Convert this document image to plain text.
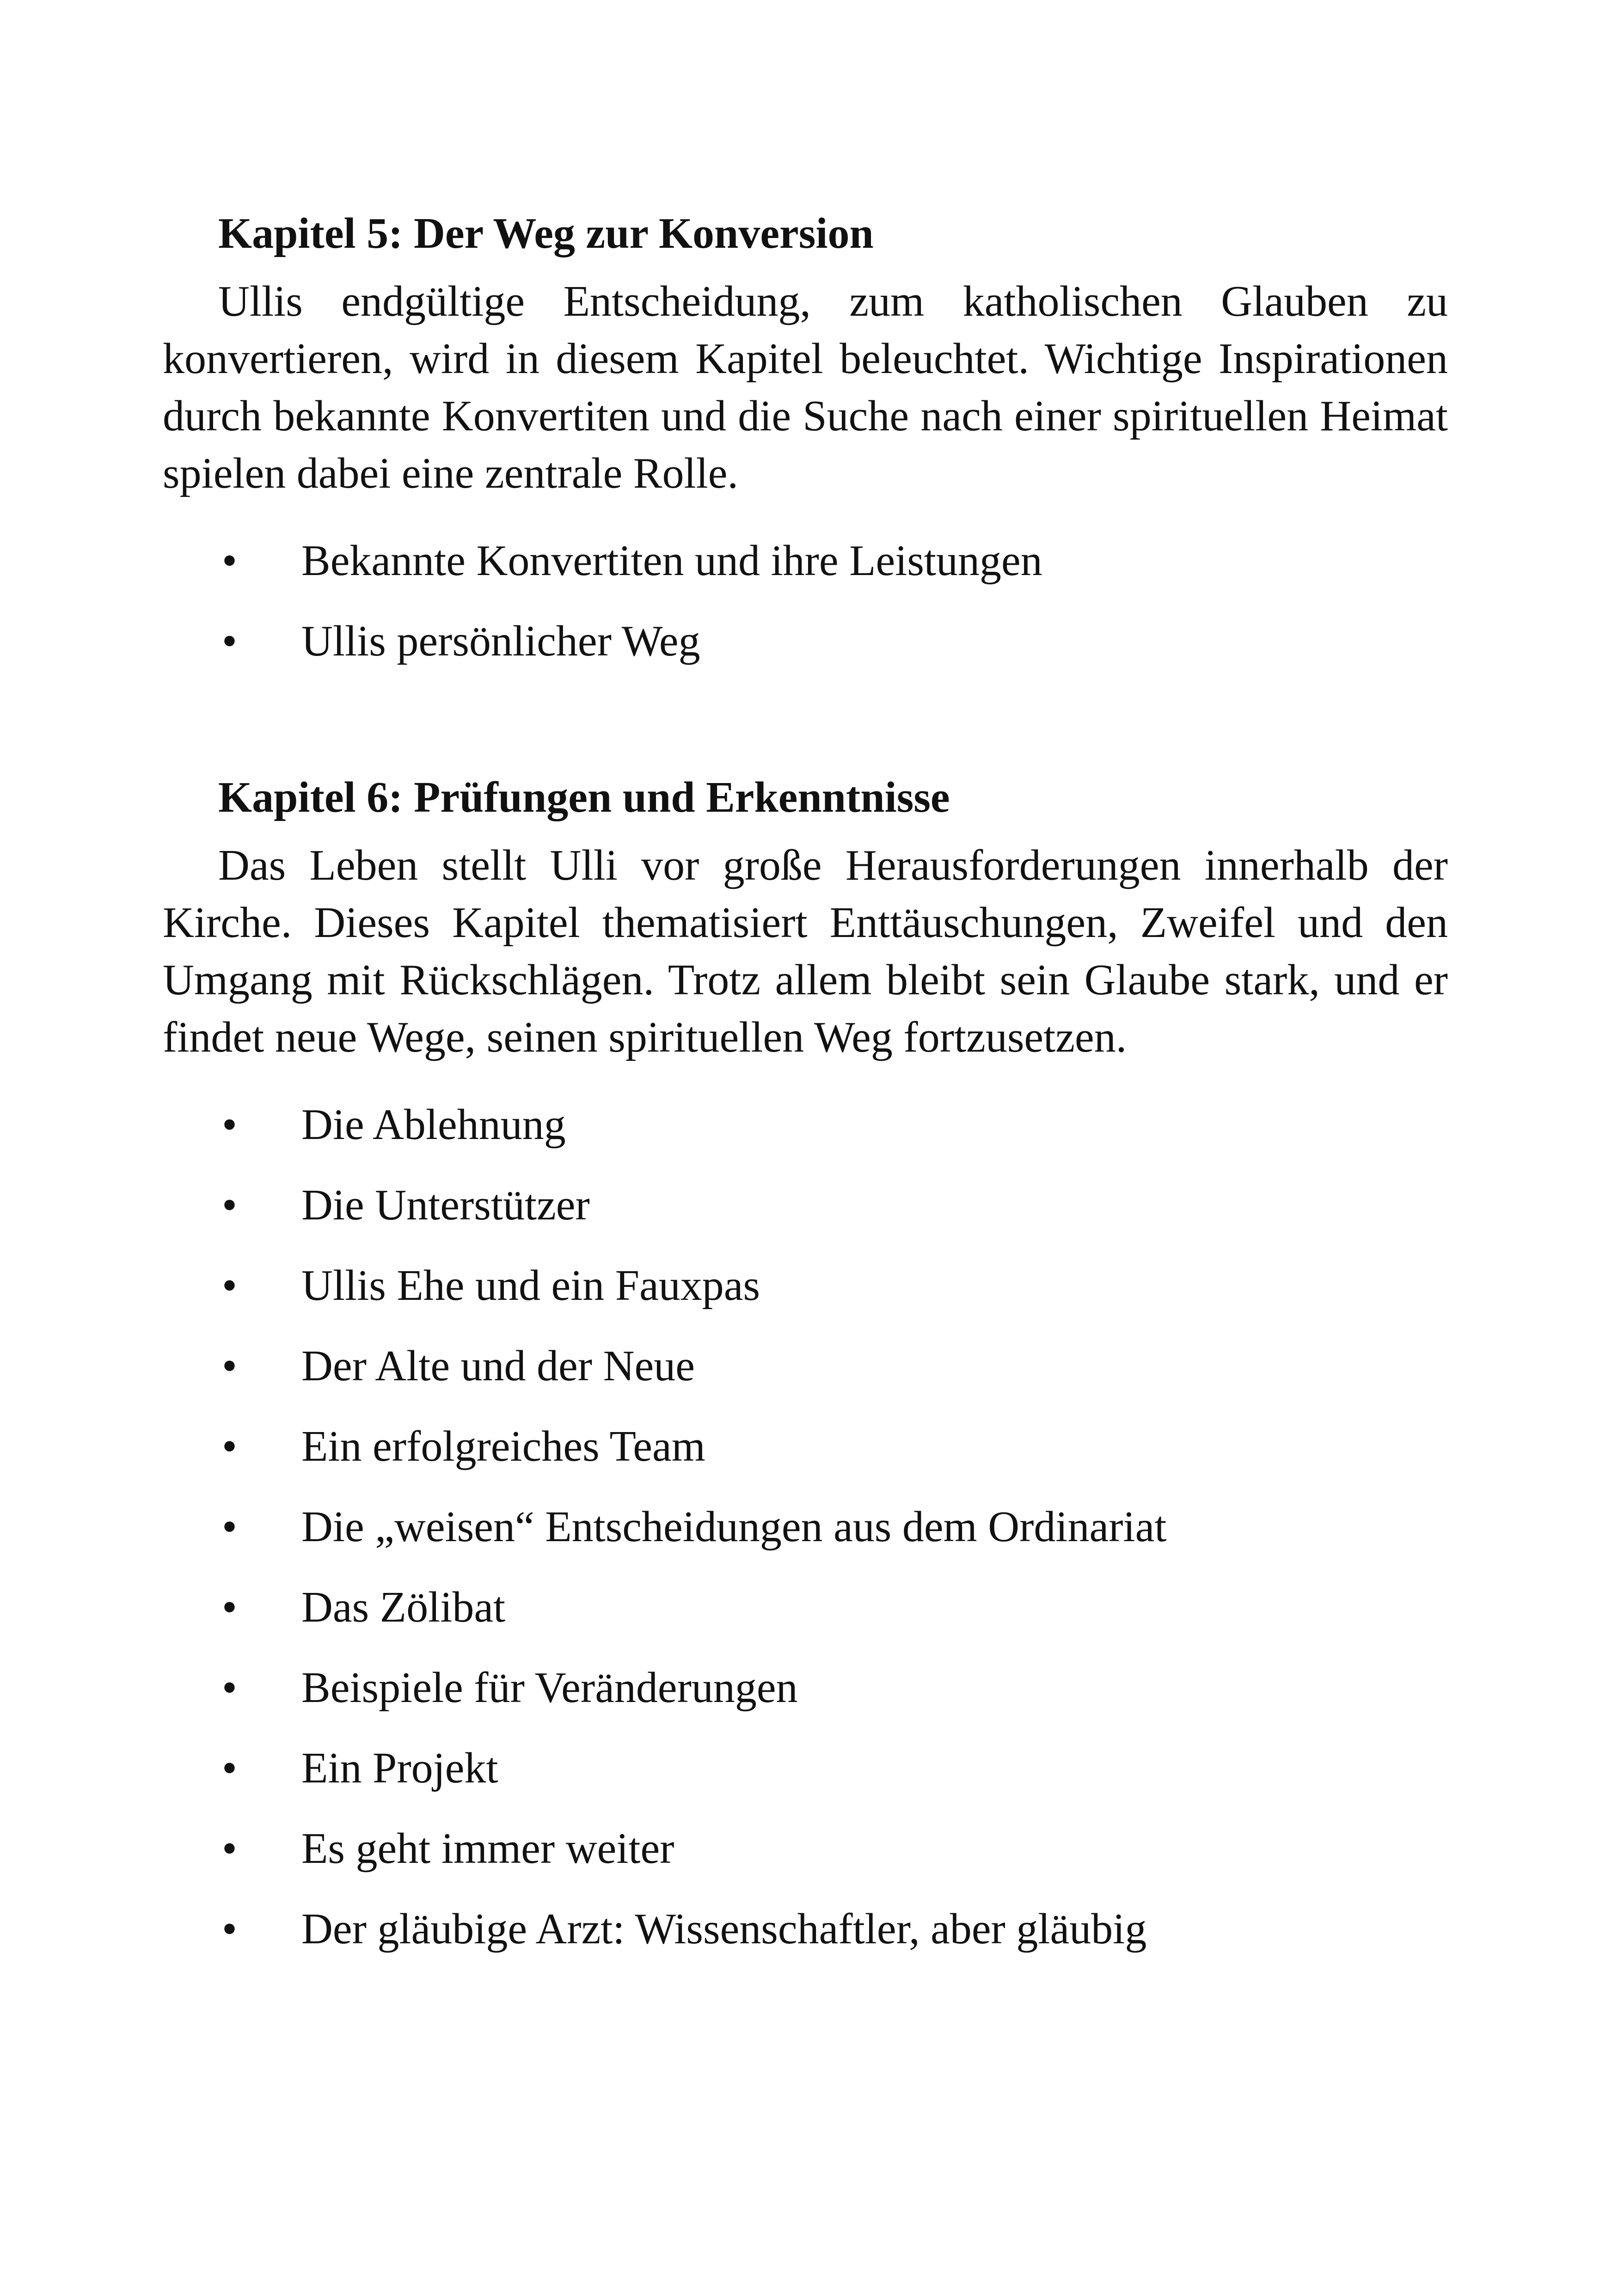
Kapitel 5: Der Weg zur Konversion

Ullis endgültige Entscheidung, zum katholischen Glauben zu konvertieren, wird in diesem Kapitel beleuchtet. Wichtige Inspirationen durch bekannte Konvertiten und die Suche nach einer spirituellen Heimat spielen dabei eine zentrale Rolle.

• Bekannte Konvertiten und ihre Leistungen
• Ullis persönlicher Weg
Kapitel 6: Prüfungen und Erkenntnisse

Das Leben stellt Ulli vor große Herausforderungen innerhalb der Kirche. Dieses Kapitel thematisiert Enttäuschungen, Zweifel und den Umgang mit Rückschlägen. Trotz allem bleibt sein Glaube stark, und er findet neue Wege, seinen spirituellen Weg fortzusetzen.

• Die Ablehnung
• Die Unterstützer
• Ullis Ehe und ein Fauxpas
• Der Alte und der Neue
• Ein erfolgreiches Team
• Die „weisen“ Entscheidungen aus dem Ordinariat
• Das Zölibat
• Beispiele für Veränderungen
• Ein Projekt
• Es geht immer weiter
• Der gläubige Arzt: Wissenschaftler, aber gläubig
